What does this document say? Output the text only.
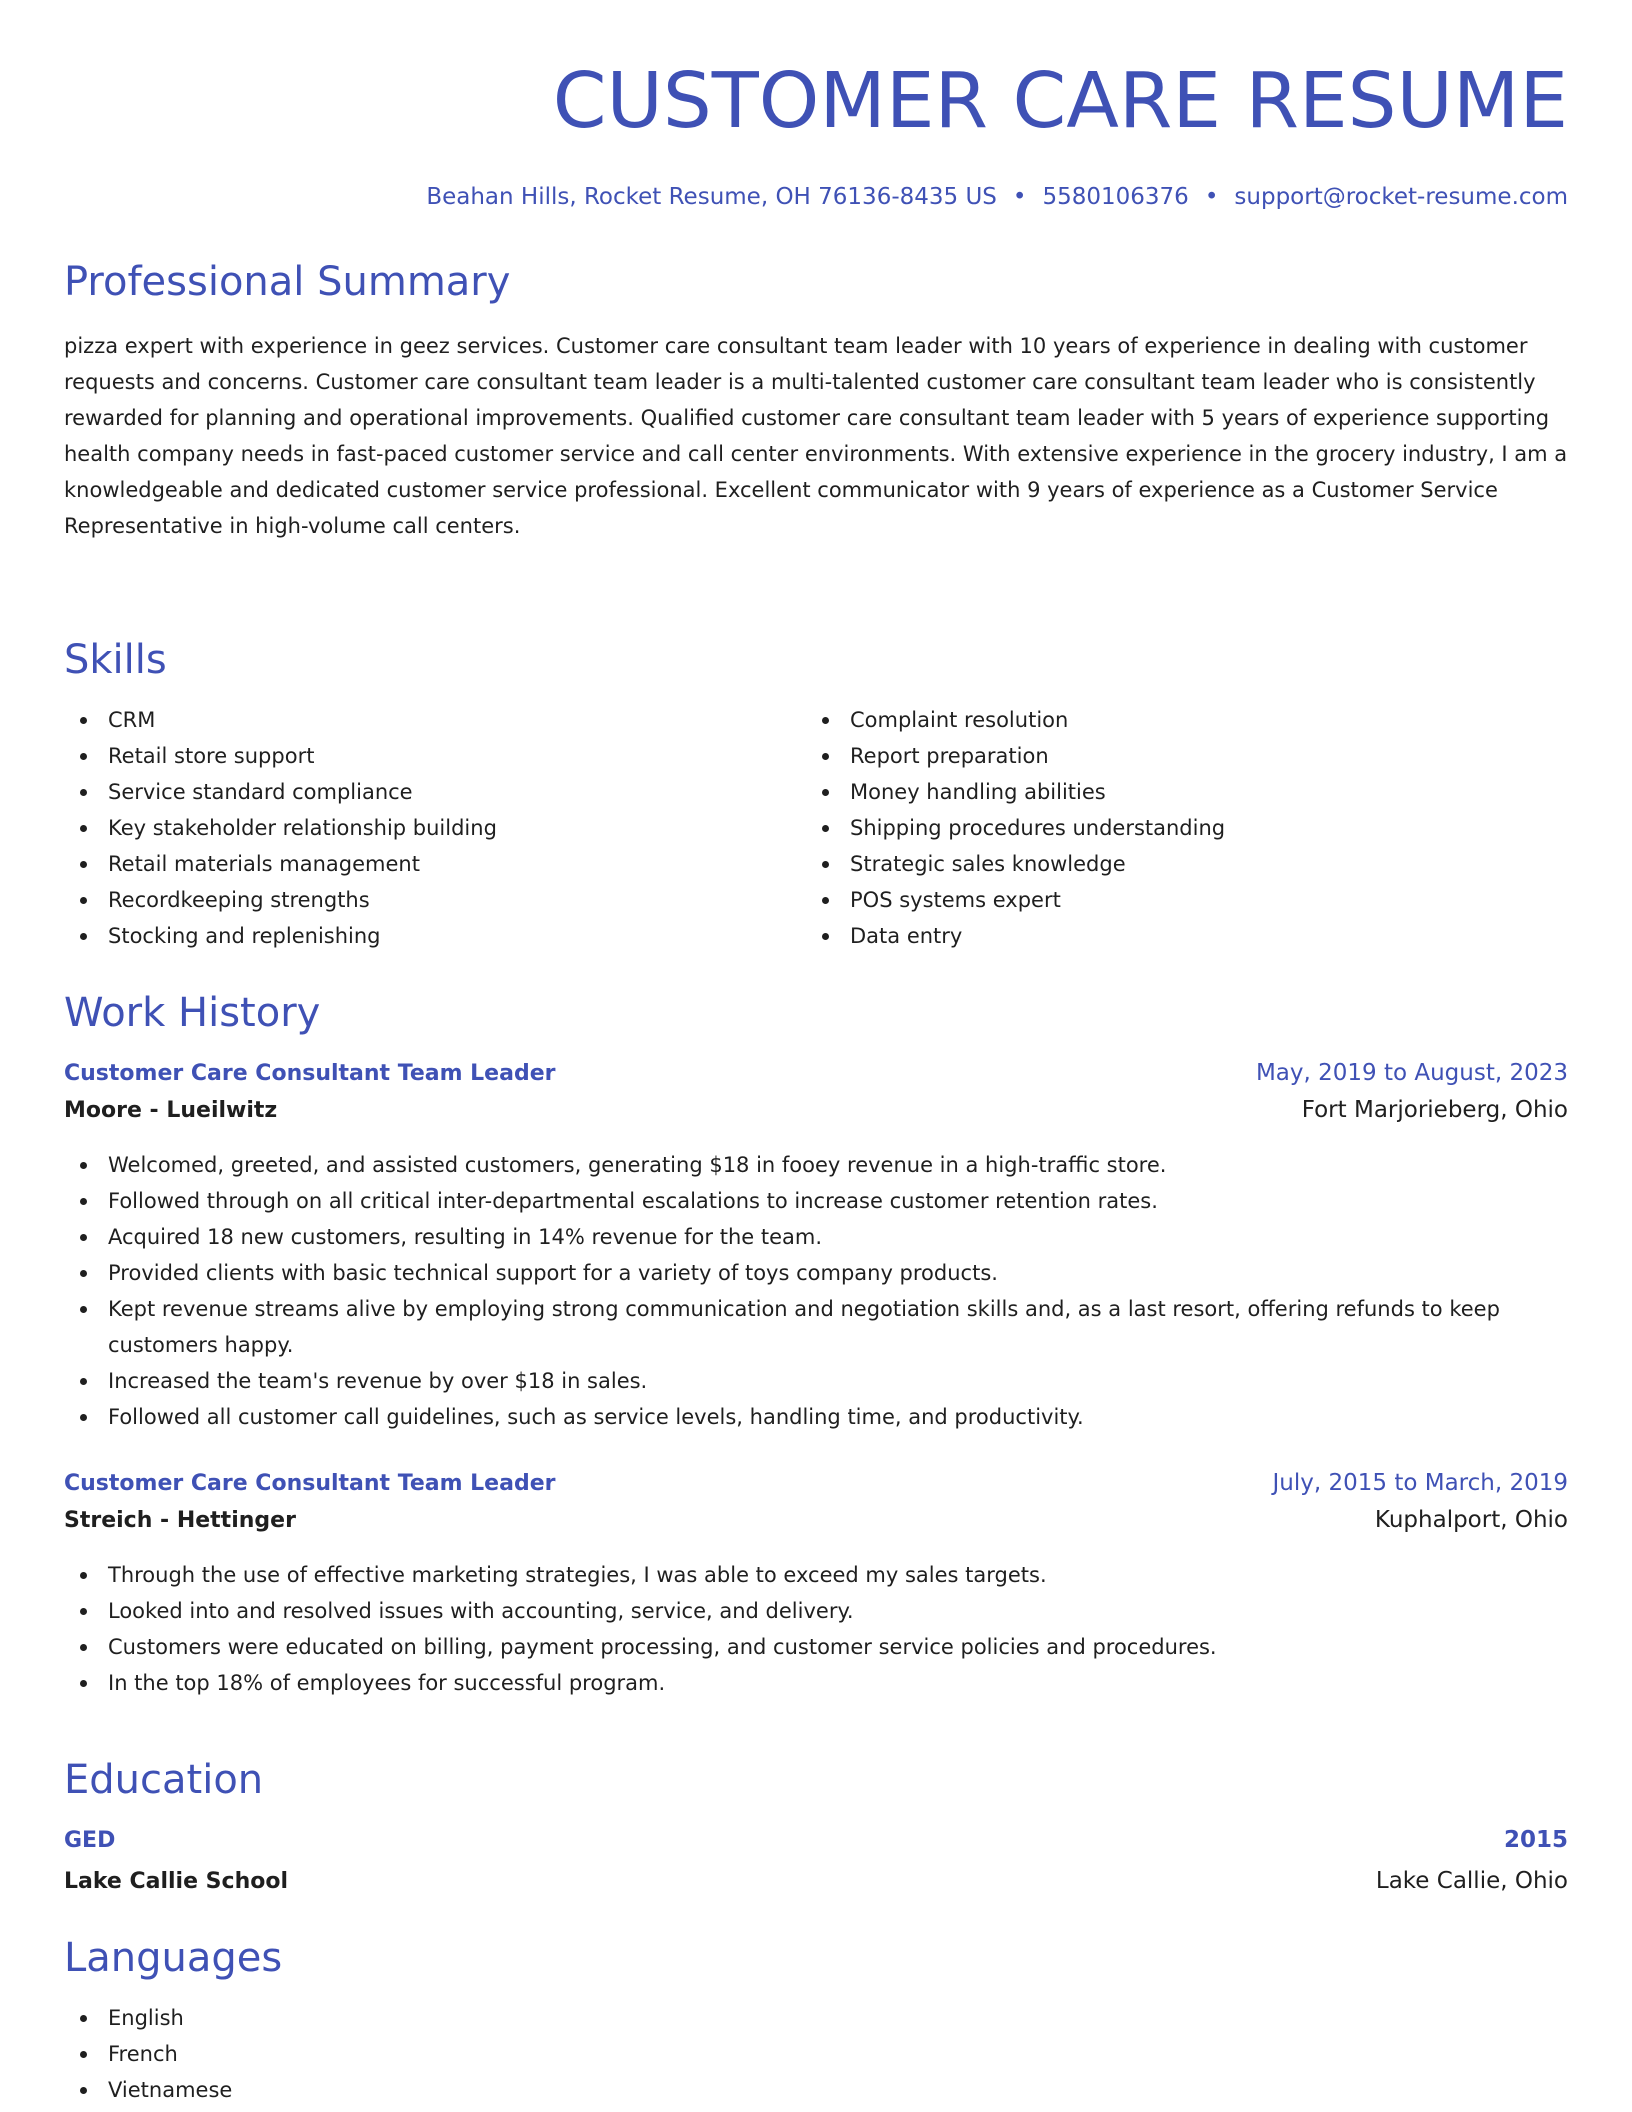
CUSTOMER CARE RESUME
Beahan Hills, Rocket Resume, OH 76136-8435 US • 5580106376 • support@rocket-resume.com
Professional Summary

pizza expert with experience in geez services. Customer care consultant team leader with 10 years of experience in dealing with customer requests and concerns. Customer care consultant team leader is a multi-talented customer care consultant team leader who is consistently rewarded for planning and operational improvements. Qualified customer care consultant team leader with 5 years of experience supporting health company needs in fast-paced customer service and call center environments. With extensive experience in the grocery industry, I am a knowledgeable and dedicated customer service professional. Excellent communicator with 9 years of experience as a Customer Service Representative in high-volume call centers.

Skills
CRM
Retail store support
Service standard compliance
Key stakeholder relationship building
Retail materials management
Recordkeeping strengths
Stocking and replenishing
Complaint resolution
Report preparation
Money handling abilities
Shipping procedures understanding
Strategic sales knowledge
POS systems expert
Data entry
Work History
Customer Care Consultant Team Leader	May, 2019 to August, 2023
Moore - Lueilwitz	Fort Marjorieberg, Ohio
Welcomed, greeted, and assisted customers, generating $18 in fooey revenue in a high-traffic store.
Followed through on all critical inter-departmental escalations to increase customer retention rates.
Acquired 18 new customers, resulting in 14% revenue for the team.
Provided clients with basic technical support for a variety of toys company products.
Kept revenue streams alive by employing strong communication and negotiation skills and, as a last resort, offering refunds to keep customers happy.
Increased the team's revenue by over $18 in sales.
Followed all customer call guidelines, such as service levels, handling time, and productivity.
Customer Care Consultant Team Leader	July, 2015 to March, 2019
Streich - Hettinger	Kuphalport, Ohio
Through the use of effective marketing strategies, I was able to exceed my sales targets.
Looked into and resolved issues with accounting, service, and delivery.
Customers were educated on billing, payment processing, and customer service policies and procedures.
In the top 18% of employees for successful program.
Education
GED	2015
Lake Callie School	Lake Callie, Ohio
Languages
English
French
Vietnamese
